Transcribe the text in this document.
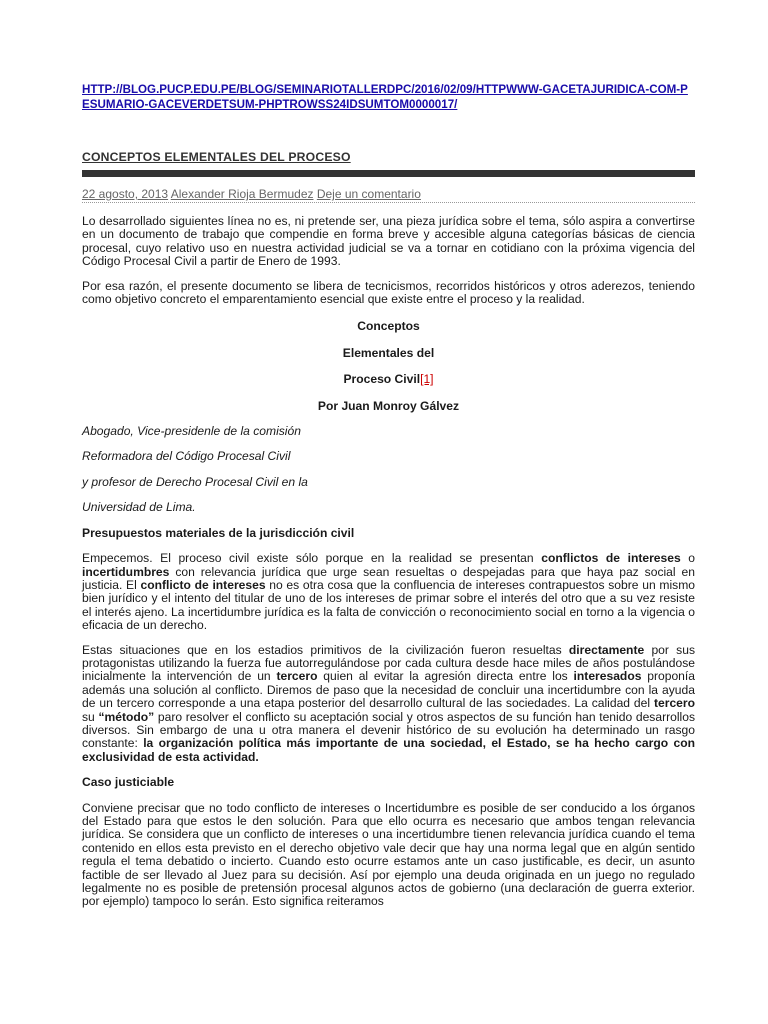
HTTP://BLOG.PUCP.EDU.PE/BLOG/SEMINARIOTALLERDPC/2016/02/09/HTTPWWW-GACETAJURIDICA-COM-PESUMARIO-GACEVERDETSUM-PHPTROWSS24IDSUMTOM0000017/
CONCEPTOS ELEMENTALES DEL PROCESO
22 agosto, 2013 Alexander Rioja Bermudez Deje un comentario

Lo desarrollado siguientes línea no es, ni pretende ser, una pieza jurídica sobre el tema, sólo aspira a convertirse en un documento de trabajo que compendie en forma breve y accesible alguna categorías básicas de ciencia procesal, cuyo relativo uso en nuestra actividad judicial se va a tornar en cotidiano con la próxima vigencia del Código Procesal Civil a partir de Enero de 1993.

Por esa razón, el presente documento se libera de tecnicismos, recorridos históricos y otros aderezos, teniendo como objetivo concreto el emparentamiento esencial que existe entre el proceso y la realidad.

Conceptos

Elementales del

Proceso Civil[1]

Por Juan Monroy Gálvez

Abogado, Vice-presidenle de la comisión

Reformadora del Código Procesal Civil

y profesor de Derecho Procesal Civil en la

Universidad de Lima.

Presupuestos materiales de la jurisdicción civil

Empecemos. El proceso civil existe sólo porque en la realidad se presentan conflictos de intereses o incertidumbres con relevancia jurídica que urge sean resueltas o despejadas para que haya paz social en justicia. El conflicto de intereses no es otra cosa que la confluencia de intereses contrapuestos sobre un mismo bien jurídico y el intento del titular de uno de los intereses de primar sobre el interés del otro que a su vez resiste el interés ajeno. La incertidumbre jurídica es la falta de convicción o reconocimiento social en torno a la vigencia o eficacia de un derecho.

Estas situaciones que en los estadios primitivos de la civilización fueron resueltas directamente por sus protagonistas utilizando la fuerza fue autorregulándose por cada cultura desde hace miles de años postulándose inicialmente la intervención de un tercero quien al evitar la agresión directa entre los interesados proponía además una solución al conflicto. Diremos de paso que la necesidad de concluir una incertidumbre con la ayuda de un tercero corresponde a una etapa posterior del desarrollo cultural de las sociedades. La calidad del tercero su “método” paro resolver el conflicto su aceptación social y otros aspectos de su función han tenido desarrollos diversos. Sin embargo de una u otra manera el devenir histórico de su evolución ha determinado un rasgo constante: la organización política más importante de una sociedad, el Estado, se ha hecho cargo con exclusividad de esta actividad.

Caso justiciable

Conviene precisar que no todo conflicto de intereses o Incertidumbre es posible de ser conducido a los órganos del Estado para que estos le den solución. Para que ello ocurra es necesario que ambos tengan relevancia jurídica. Se considera que un conflicto de intereses o una incertidumbre tienen relevancia jurídica cuando el tema contenido en ellos esta previsto en el derecho objetivo vale decir que hay una norma legal que en algún sentido regula el tema debatido o incierto. Cuando esto ocurre estamos ante un caso justificable, es decir, un asunto factible de ser llevado al Juez para su decisión. Así por ejemplo una deuda originada en un juego no regulado legalmente no es posible de pretensión procesal algunos actos de gobierno (una declaración de guerra exterior. por ejemplo) tampoco lo serán. Esto significa reiteramos
